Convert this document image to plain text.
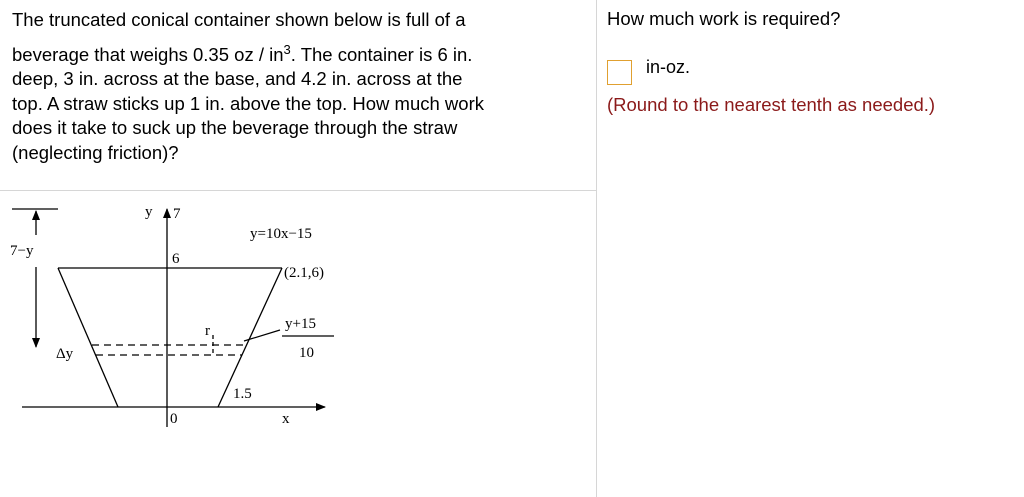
The truncated conical container shown below is full of a

beverage that weighs 0.35 oz / $in^3$. The container is 6 in.

deep, 3 in. across at the base, and 4.2 in. across at the

top. A straw sticks up 1 in. above the top. How much work

does it take to suck up the beverage through the straw

(neglecting friction)?

7−y
y 7
6
(2.1,6)
y=10x−15
Δy
r	y+15
10
1.5
0	x
How much work is required?
in-oz.
(Round to the nearest tenth as needed.)
